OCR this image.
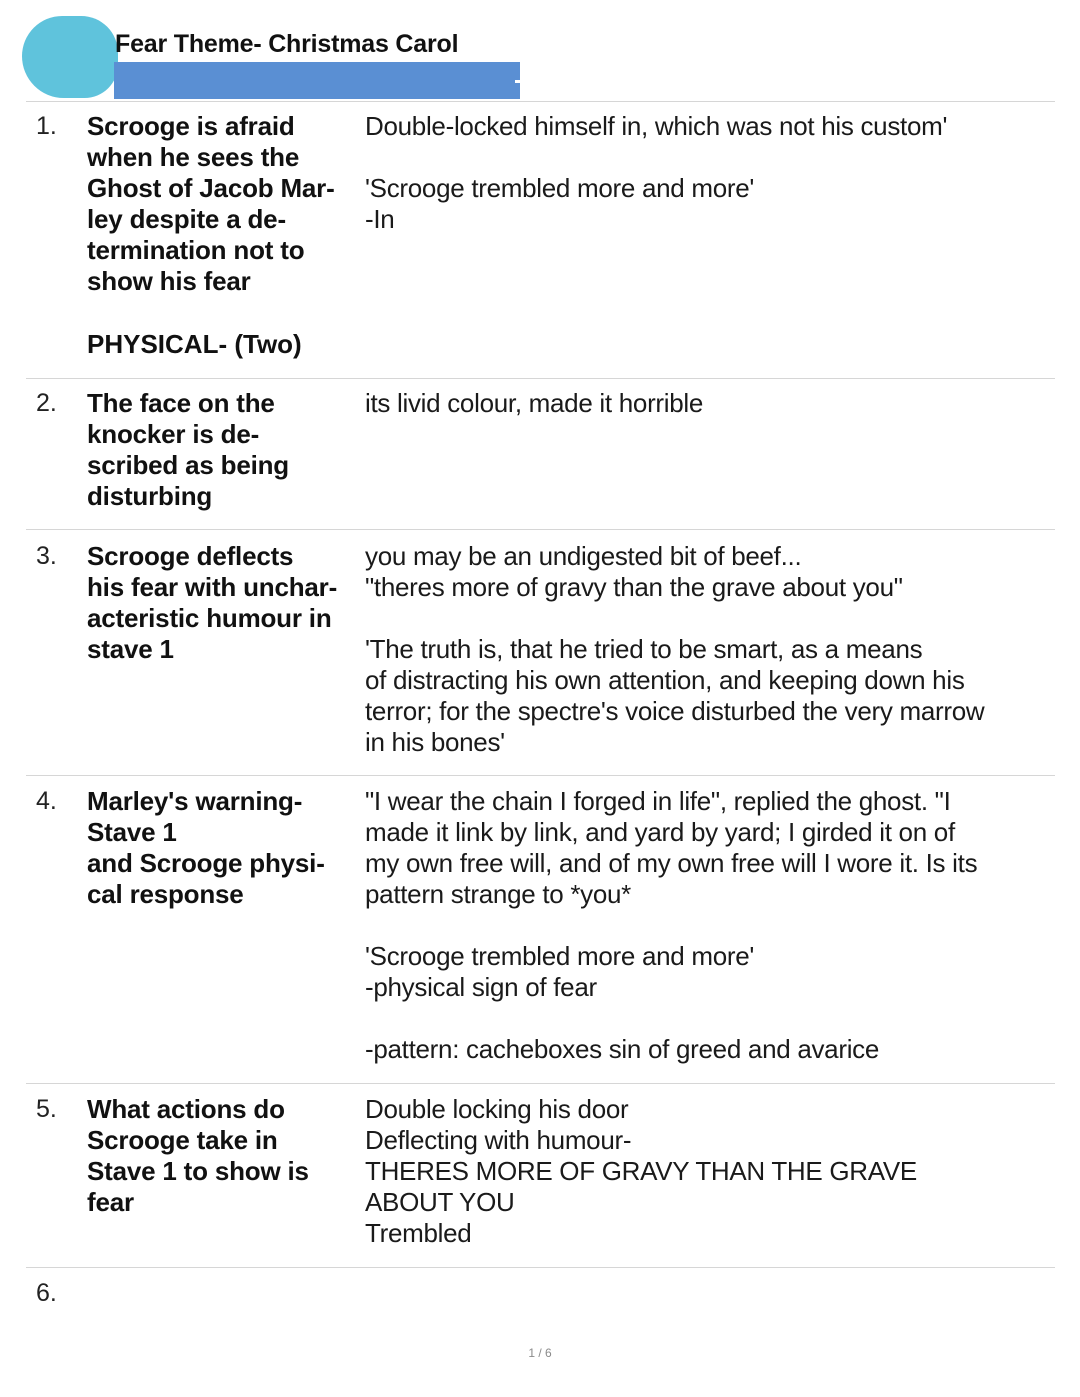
Fear Theme- Christmas Carol
1. Scrooge is afraid
when he sees the
Ghost of Jacob Mar-
ley despite a de-
termination not to
show his fear
Double-locked himself in, which was not his custom'

'Scrooge trembled more and more'
-In
PHYSICAL- (Two)
2. The face on the
knocker is de-
scribed as being
disturbing
its livid colour, made it horrible
3. Scrooge deflects
his fear with unchar-
acteristic humour in
stave 1
you may be an undigested bit of beef...
"theres more of gravy than the grave about you"

'The truth is, that he tried to be smart, as a means
of distracting his own attention, and keeping down his
terror; for the spectre's voice disturbed the very marrow
in his bones'
4. Marley's warning-
Stave 1
and Scrooge physi-
cal response
"I wear the chain I forged in life", replied the ghost. "I
made it link by link, and yard by yard; I girded it on of
my own free will, and of my own free will I wore it. Is its
pattern strange to *you*

'Scrooge trembled more and more'
-physical sign of fear

-pattern: cacheboxes sin of greed and avarice
5. What actions do
Scrooge take in
Stave 1 to show is
fear
Double locking his door
Deflecting with humour-
THERES MORE OF GRAVY THAN THE GRAVE
ABOUT YOU
Trembled
6.
1 / 6
